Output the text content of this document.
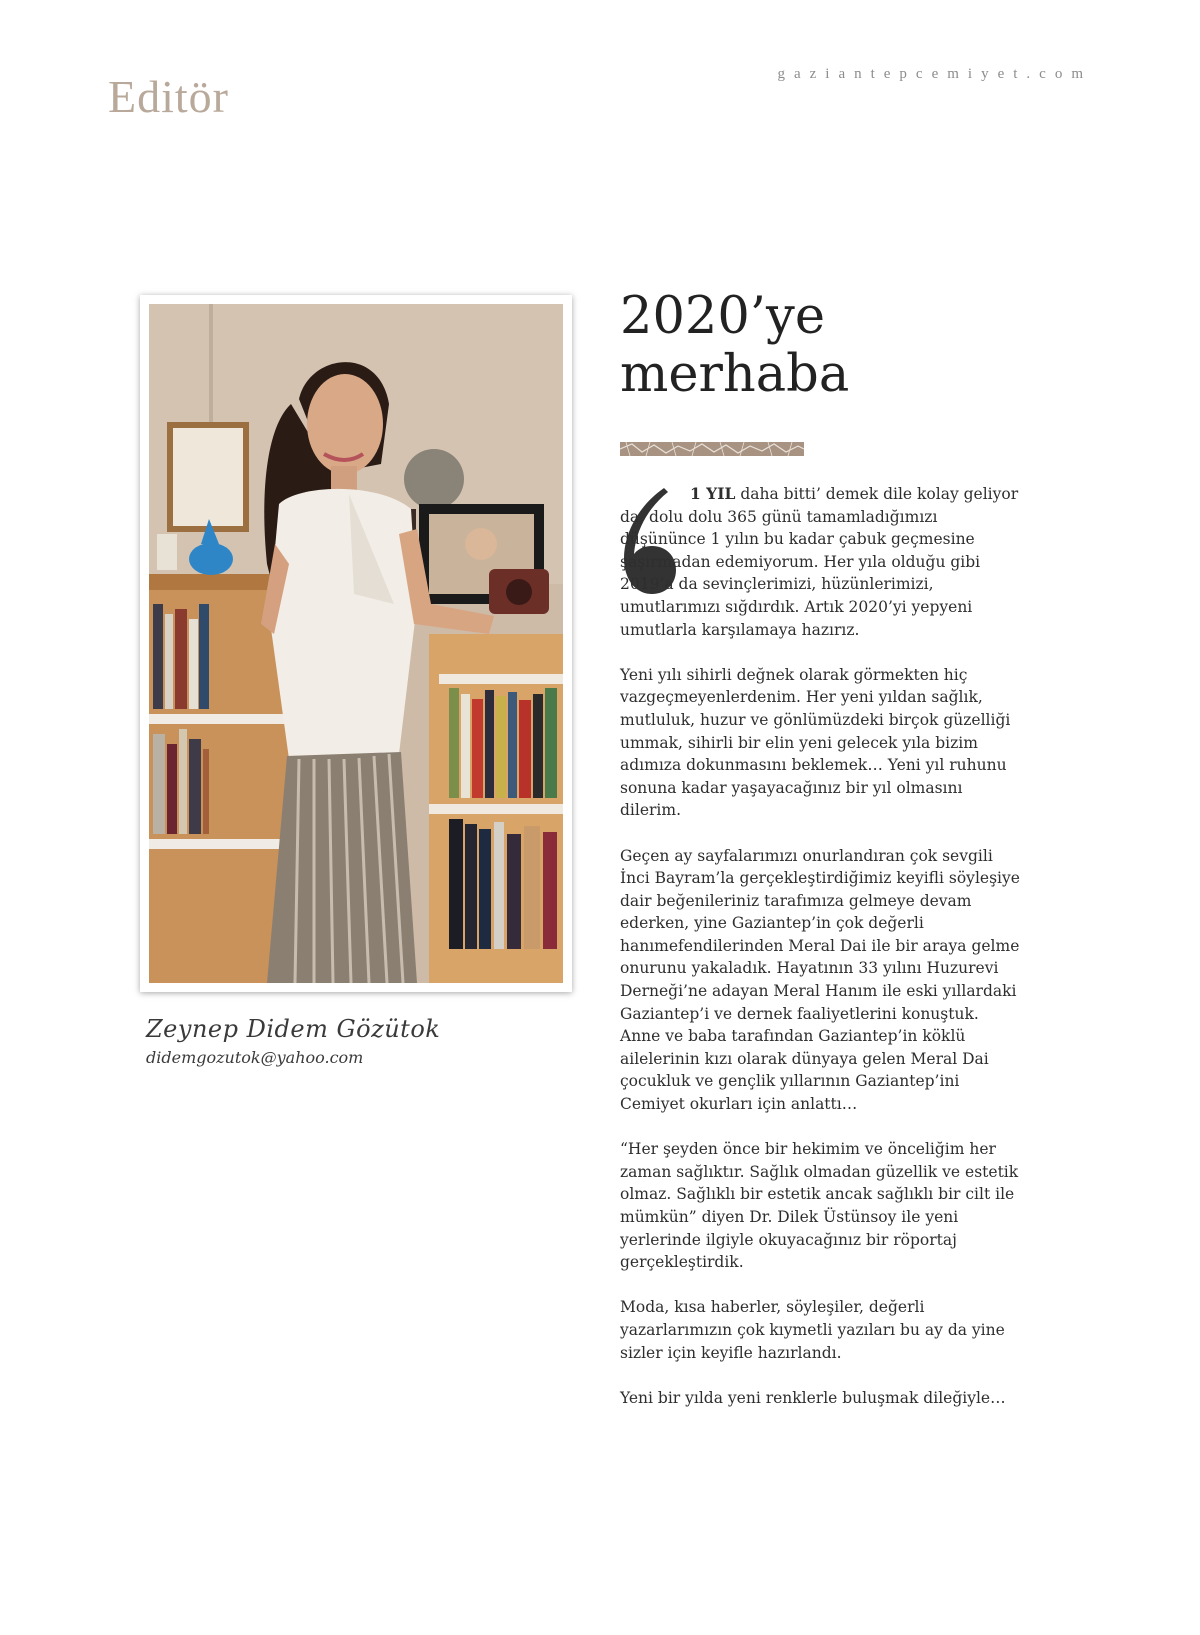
Editör	gaziantepcemiyet.com
Zeynep Didem Gözütok
didemgozutok@yahoo.com
2020’ye
merhaba

1 YIL daha bitti’ demek dile kolay geliyor da, dolu dolu 365 günü tamamladığımızı düşününce 1 yılın bu kadar çabuk geçmesine şaşırmadan edemiyorum. Her yıla olduğu gibi 2019’a da sevinçlerimizi, hüzünlerimizi, umutlarımızı sığdırdık. Artık 2020’yi yepyeni umutlarla karşılamaya hazırız.

Yeni yılı sihirli değnek olarak görmekten hiç vazgeçmeyenlerdenim. Her yeni yıldan sağlık, mutluluk, huzur ve gönlümüzdeki birçok güzelliği ummak, sihirli bir elin yeni gelecek yıla bizim adımıza dokunmasını beklemek… Yeni yıl ruhunu sonuna kadar yaşayacağınız bir yıl olmasını dilerim.

Geçen ay sayfalarımızı onurlandıran çok sevgili İnci Bayram’la gerçekleştirdiğimiz keyifli söyleşiye dair beğenileriniz tarafımıza gelmeye devam ederken, yine Gaziantep’in çok değerli hanımefendilerinden Meral Dai ile bir araya gelme onurunu yakaladık. Hayatının 33 yılını Huzurevi Derneği’ne adayan Meral Hanım ile eski yıllardaki Gaziantep’i ve dernek faaliyetlerini konuştuk. Anne ve baba tarafından Gaziantep’in köklü ailelerinin kızı olarak dünyaya gelen Meral Dai çocukluk ve gençlik yıllarının Gaziantep’ini Cemiyet okurları için anlattı…

“Her şeyden önce bir hekimim ve önceliğim her zaman sağlıktır. Sağlık olmadan güzellik ve estetik olmaz. Sağlıklı bir estetik ancak sağlıklı bir cilt ile mümkün” diyen Dr. Dilek Üstünsoy ile yeni yerlerinde ilgiyle okuyacağınız bir röportaj gerçekleştirdik.

Moda, kısa haberler, söyleşiler, değerli yazarlarımızın çok kıymetli yazıları bu ay da yine sizler için keyifle hazırlandı.

Yeni bir yılda yeni renklerle buluşmak dileğiyle…
